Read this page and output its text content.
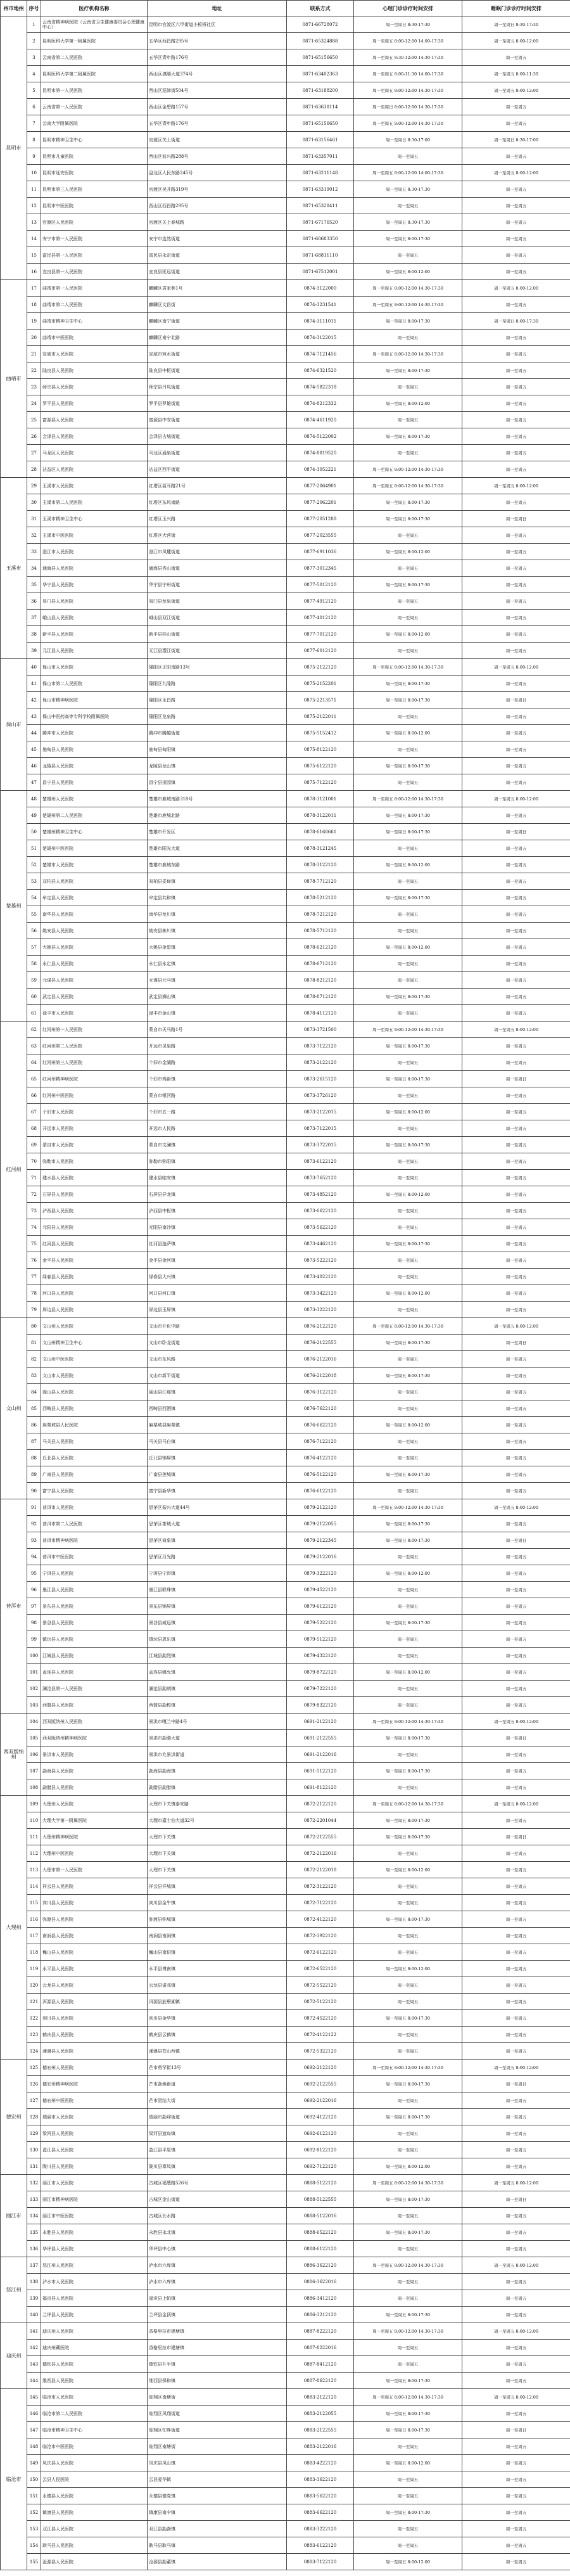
州市地州	序号	医疗机构名称	地址	联系方式	心理门诊诊疗时间安排	睡眠门诊诊疗时间安排
昆明市	1	云南省精神病医院（云南省卫生健康委员会心理健康中心）	昆明市官渡区六甲街道小板桥社区	0871-66728072	周一至周日 8:30-17:30	周一至周日 8:30-17:30
	2	昆明医科大学第一附属医院	五华区西昌路295号	0871-65324888	周一至周五 8:00-12:00 14:00-17:30	周一至周五 8:00-12:00
	3	云南省第二人民医院	五华区青年路176号	0871-65156650	周一至周五 8:30-12:00 14:30-17:30	周一至周五
	4	昆明医科大学第二附属医院	西山区滇缅大道374号	0871-63402363	周一至周五 8:00-11:30 14:00-17:30	周一至周五 8:00-11:30
	5	昆明市第一人民医院	西山区巡津街504号	0871-63188200	周一至周五 8:00-12:00 14:30-17:30	周一至周五 8:00-12:00
	6	云南省第一人民医院	西山区金碧路157号	0871-63638114	周一至周日 8:00-12:00 14:30-17:30	周一至周五
	7	云南大学附属医院	五华区青年路176号	0871-65156650	周一至周五 8:00-12:00 14:30-17:30	周一至周五
	8	昆明市精神卫生中心	官渡区关上街道	0871-63156461	周一至周日 8:30-17:00	周一至周日 8:30-17:00
	9	昆明市儿童医院	西山区前兴路288号	0871-63357011	周一至周五	周一至周五
	10	昆明市延安医院	盘龙区人民东路245号	0871-63211148	周一至周五 8:00-12:00 14:00-17:30	周一至周五 8:00-12:00
	11	昆明市第三人民医院	官渡区吴井路319号	0871-63319012	周一至周五 8:30-17:30	周一至周五
	12	昆明市中医医院	西山区西昌路295号	0871-65328411	周一至周五	周一至周五
	13	官渡区人民医院	官渡区关上春城路	0871-67176520	周一至周五 8:30-17:30	周一至周五
	14	安宁市第一人民医院	安宁市连然街道	0871-68683350	周一至周五 8:00-17:30	周一至周五
	15	富民县第一人民医院	富民县永定街道	0871-68811110	周一至周五	周一至周五
	16	宜良县第一人民医院	宜良县匡远街道	0871-67512001	周一至周五 8:00-12:00	周一至周五
曲靖市	17	曲靖市第一人民医院	麒麟区袁家巷1号	0874-3122000	周一至周五 8:00-12:00 14:30-17:30	周一至周五 8:00-12:00
	18	曲靖市第二人民医院	麒麟区文昌街	0874-3231541	周一至周五 8:00-12:00 14:30-17:30	周一至周五
	19	曲靖市精神卫生中心	麒麟区南宁街道	0874-3111011	周一至周日 8:00-17:30	周一至周日 8:00-17:30
	20	曲靖市中医医院	麒麟区南宁北路	0874-3122015	周一至周五	周一至周五
	21	宣威市人民医院	宣威市宛水街道	0874-7121456	周一至周五 8:00-12:00 14:30-17:30	周一至周五
	22	陆良县人民医院	陆良县中枢街道	0874-6321520	周一至周五 8:00-17:30	周一至周五
	23	师宗县人民医院	师宗县丹凤街道	0874-5822318	周一至周五	周一至周五
	24	罗平县人民医院	罗平县罗雄街道	0874-8212332	周一至周五 8:00-12:00	周一至周五
	25	富源县人民医院	富源县中安街道	0874-4611920	周一至周五	周一至周五
	26	会泽县人民医院	会泽县古城街道	0874-5122002	周一至周五 8:00-17:30	周一至周五
	27	马龙区人民医院	马龙区通泉街道	0874-8819520	周一至周五	周一至周五
	28	沾益区人民医院	沾益区西平街道	0874-3052221	周一至周五 8:00-12:00 14:30-17:30	周一至周五
玉溪市	29	玉溪市人民医院	红塔区聂耳路21号	0877-2064901	周一至周五 8:00-12:00 14:30-17:30	周一至周五 8:00-12:00
	30	玉溪市第二人民医院	红塔区东风南路	0877-2062201	周一至周五 8:00-17:30	周一至周五
	31	玉溪市精神卫生中心	红塔区玉兴路	0877-2051288	周一至周日 8:00-17:30	周一至周日
	32	玉溪市中医医院	红塔区大营街	0877-2023555	周一至周五	周一至周五
	33	澄江市人民医院	澄江市凤麓街道	0877-6911036	周一至周五 8:00-12:00	周一至周五
	34	通海县人民医院	通海县秀山街道	0877-3012345	周一至周五	周一至周五
	35	华宁县人民医院	华宁县宁州街道	0877-5012120	周一至周五 8:00-17:30	周一至周五
	36	易门县人民医院	易门县龙泉街道	0877-4912120	周一至周五	周一至周五
	37	峨山县人民医院	峨山县双江街道	0877-4012120	周一至周五	周一至周五
	38	新平县人民医院	新平县桂山街道	0877-7012120	周一至周五 8:00-12:00	周一至周五
	39	元江县人民医院	元江县澧江街道	0877-6012120	周一至周五	周一至周五
保山市	40	保山市人民医院	隆阳区正阳南路13号	0875-2122120	周一至周五 8:00-12:00 14:30-17:30	周一至周五 8:00-12:00
	41	保山市第二人民医院	隆阳区九隆路	0875-2152201	周一至周五 8:00-17:30	周一至周五
	42	保山市精神病医院	隆阳区永昌路	0875-2213571	周一至周日 8:00-17:30	周一至周日
	43	保山中医药高等专科学校附属医院	隆阳区龙泉路	0875-2122011	周一至周五	周一至周五
	44	腾冲市人民医院	腾冲市腾越街道	0875-5152412	周一至周五 8:00-12:00	周一至周五
	45	施甸县人民医院	施甸县甸阳镇	0875-8122120	周一至周五	周一至周五
	46	龙陵县人民医院	龙陵县龙山镇	0875-6122120	周一至周五 8:00-17:30	周一至周五
	47	昌宁县人民医院	昌宁县田园镇	0875-7122120	周一至周五	周一至周五
楚雄州	48	楚雄州人民医院	楚雄市鹿城南路318号	0878-3121001	周一至周五 8:00-12:00 14:30-17:30	周一至周五 8:00-12:00
	49	楚雄州第二人民医院	楚雄市鹿城北路	0878-3122011	周一至周五 8:00-17:30	周一至周五
	50	楚雄州精神卫生中心	楚雄市开发区	0878-6168661	周一至周日 8:00-17:30	周一至周日
	51	楚雄州中医医院	楚雄市阳光大道	0878-3121245	周一至周五	周一至周五
	52	楚雄市人民医院	楚雄市鹿城东路	0878-3122120	周一至周五 8:00-12:00	周一至周五
	53	双柏县人民医院	双柏县妥甸镇	0878-7712120	周一至周五	周一至周五
	54	牟定县人民医院	牟定县共和镇	0878-5212120	周一至周五 8:00-17:30	周一至周五
	55	南华县人民医院	南华县龙川镇	0878-7212120	周一至周五	周一至周五
	56	姚安县人民医院	姚安县栋川镇	0878-5712120	周一至周五	周一至周五
	57	大姚县人民医院	大姚县金碧镇	0878-6212120	周一至周五 8:00-12:00	周一至周五
	58	永仁县人民医院	永仁县永定镇	0878-6712120	周一至周五	周一至周五
	59	元谋县人民医院	元谋县元马镇	0878-8212120	周一至周五	周一至周五
	60	武定县人民医院	武定县狮山镇	0878-8712120	周一至周五 8:00-17:30	周一至周五
	61	禄丰市人民医院	禄丰市金山镇	0878-4112120	周一至周五	周一至周五
红河州	62	红河州第一人民医院	蒙自市天马路1号	0873-3721500	周一至周五 8:00-12:00 14:30-17:30	周一至周五 8:00-12:00
	63	红河州第二人民医院	开远市灵泉路	0873-7122120	周一至周五 8:00-17:30	周一至周五
	64	红河州第三人民医院	个旧市金湖路	0873-2122120	周一至周五	周一至周五
	65	红河州精神病医院	个旧市鸡街镇	0873-2615120	周一至周日 8:00-17:30	周一至周日
	66	红河州中医医院	蒙自市银河路	0873-3726120	周一至周五	周一至周五
	67	个旧市人民医院	个旧市五一路	0873-2122015	周一至周五 8:00-12:00	周一至周五
	68	开远市人民医院	开远市人民路	0873-7122015	周一至周五	周一至周五
	69	蒙自市人民医院	蒙自市文澜镇	0873-3722015	周一至周五 8:00-17:30	周一至周五
	70	弥勒市人民医院	弥勒市弥阳镇	0873-6122120	周一至周五	周一至周五
	71	建水县人民医院	建水县临安镇	0873-7652120	周一至周五	周一至周五
	72	石屏县人民医院	石屏县异龙镇	0873-4852120	周一至周五 8:00-12:00	周一至周五
	73	泸西县人民医院	泸西县中枢镇	0873-6622120	周一至周五	周一至周五
	74	元阳县人民医院	元阳县南沙镇	0873-5622120	周一至周五	周一至周五
	75	红河县人民医院	红河县迤萨镇	0873-4462120	周一至周五 8:00-17:30	周一至周五
	76	金平县人民医院	金平县金河镇	0873-5222120	周一至周五	周一至周五
	77	绿春县人民医院	绿春县大兴镇	0873-4022120	周一至周五	周一至周五
	78	河口县人民医院	河口县河口镇	0873-3422120	周一至周五 8:00-12:00	周一至周五
	79	屏边县人民医院	屏边县玉屏镇	0873-3222120	周一至周五	周一至周五
文山州	80	文山州人民医院	文山市开化中路	0876-2122120	周一至周五 8:00-12:00 14:30-17:30	周一至周五 8:00-12:00
	81	文山州精神卫生中心	文山市卧龙街道	0876-2122555	周一至周日 8:00-17:30	周一至周日
	82	文山州中医医院	文山市东风路	0876-2122016	周一至周五	周一至周五
	83	文山市人民医院	文山市新平街道	0876-2122018	周一至周五 8:00-17:30	周一至周五
	84	砚山县人民医院	砚山县江那镇	0876-3122120	周一至周五	周一至周五
	85	西畴县人民医院	西畴县西洒镇	0876-7622120	周一至周五	周一至周五
	86	麻栗坡县人民医院	麻栗坡县麻栗镇	0876-6622120	周一至周五 8:00-12:00	周一至周五
	87	马关县人民医院	马关县马白镇	0876-7122120	周一至周五	周一至周五
	88	丘北县人民医院	丘北县锦屏镇	0876-4122120	周一至周五	周一至周五
	89	广南县人民医院	广南县莲城镇	0876-5122120	周一至周五 8:00-17:30	周一至周五
	90	富宁县人民医院	富宁县新华镇	0876-6122120	周一至周五	周一至周五
普洱市	91	普洱市人民医院	思茅区振兴大道44号	0879-2122120	周一至周五 8:00-12:00 14:30-17:30	周一至周五 8:00-12:00
	92	普洱市第二人民医院	思茅区茶城大道	0879-2122055	周一至周五 8:00-17:30	周一至周五
	93	普洱市精神病医院	思茅区倚象镇	0879-2122345	周一至周日 8:00-17:30	周一至周日
	94	普洱市中医医院	思茅区月光路	0879-2122016	周一至周五	周一至周五
	95	宁洱县人民医院	宁洱县宁洱镇	0879-3222120	周一至周五 8:00-12:00	周一至周五
	96	墨江县人民医院	墨江县联珠镇	0879-4522120	周一至周五	周一至周五
	97	景东县人民医院	景东县锦屏镇	0879-6122120	周一至周五	周一至周五
	98	景谷县人民医院	景谷县威远镇	0879-5222120	周一至周五 8:00-17:30	周一至周五
	99	镇沅县人民医院	镇沅县恩乐镇	0879-5122120	周一至周五	周一至周五
	100	江城县人民医院	江城县勐烈镇	0879-4322120	周一至周五	周一至周五
	101	孟连县人民医院	孟连县娜允镇	0879-8722120	周一至周五 8:00-12:00	周一至周五
	102	澜沧县第一人民医院	澜沧县勐朗镇	0879-7222120	周一至周五	周一至周五
	103	西盟县人民医院	西盟县勐梭镇	0879-8322120	周一至周五	周一至周五
西双版纳州	104	西双版纳州人民医院	景洪市嘎兰中路4号	0691-2122120	周一至周五 8:00-12:00 14:30-17:30	周一至周五 8:00-12:00
	105	西双版纳州精神病医院	景洪市勐泐大道	0691-2122555	周一至周日 8:00-17:30	周一至周日
	106	景洪市人民医院	景洪市允景洪街道	0691-2122016	周一至周五	周一至周五
	107	勐海县人民医院	勐海县勐海镇	0691-5122120	周一至周五 8:00-17:30	周一至周五
	108	勐腊县人民医院	勐腊县勐腊镇	0691-8122120	周一至周五	周一至周五
大理州	109	大理州人民医院	大理市下关镇泰安路	0872-2122120	周一至周五 8:00-12:00 14:30-17:30	周一至周五 8:00-12:00
	110	大理大学第一附属医院	大理市嘉士伯大道32号	0872-2201044	周一至周五 8:00-17:30	周一至周五
	111	大理州精神病医院	大理市下关镇	0872-2122555	周一至周日 8:00-17:30	周一至周日
	112	大理州中医医院	大理市下关镇	0872-2122016	周一至周五	周一至周五
	113	大理市第一人民医院	大理市下关镇	0872-2122018	周一至周五 8:00-12:00	周一至周五
	114	祥云县人民医院	祥云县祥城镇	0872-3122120	周一至周五	周一至周五
	115	宾川县人民医院	宾川县金牛镇	0872-7122120	周一至周五	周一至周五
	116	弥渡县人民医院	弥渡县弥城镇	0872-4122120	周一至周五 8:00-17:30	周一至周五
	117	南涧县人民医院	南涧县南涧镇	0872-3922120	周一至周五	周一至周五
	118	巍山县人民医院	巍山县南诏镇	0872-6122120	周一至周五	周一至周五
	119	永平县人民医院	永平县博南镇	0872-6522120	周一至周五 8:00-12:00	周一至周五
	120	云龙县人民医院	云龙县诺邓镇	0872-5522120	周一至周五	周一至周五
	121	洱源县人民医院	洱源县茈碧湖镇	0872-5122120	周一至周五	周一至周五
	122	剑川县人民医院	剑川县金华镇	0872-4522120	周一至周五 8:00-17:30	周一至周五
	123	鹤庆县人民医院	鹤庆县云鹤镇	0872-4122122	周一至周五	周一至周五
	124	漾濞县人民医院	漾濞县苍山西镇	0872-5322120	周一至周五	周一至周五
德宏州	125	德宏州人民医院	芒市勇罕街13号	0692-2122120	周一至周五 8:00-12:00 14:30-17:30	周一至周五 8:00-12:00
	126	德宏州精神病医院	芒市勐焕街道	0692-2122555	周一至周日 8:00-17:30	周一至周日
	127	德宏州中医医院	芒市团结大街	0692-2122016	周一至周五	周一至周五
	128	瑞丽市人民医院	瑞丽市勐卯街道	0692-4122120	周一至周五 8:00-17:30	周一至周五
	129	梁河县人民医院	梁河县遮岛镇	0692-6122120	周一至周五	周一至周五
	130	盈江县人民医院	盈江县平原镇	0692-8122120	周一至周五	周一至周五
	131	陇川县人民医院	陇川县章凤镇	0692-7122120	周一至周五 8:00-12:00	周一至周五
丽江市	132	丽江市人民医院	古城区福慧路526号	0888-5122120	周一至周五 8:00-12:00 14:30-17:30	周一至周五 8:00-12:00
	133	丽江市精神病医院	古城区金山街道	0888-5122555	周一至周日 8:00-17:30	周一至周日
	134	丽江市中医医院	古城区长水路	0888-5122016	周一至周五	周一至周五
	135	永胜县人民医院	永胜县永北镇	0888-6522120	周一至周五 8:00-17:30	周一至周五
	136	华坪县人民医院	华坪县中心镇	0888-6122120	周一至周五	周一至周五
怒江州	137	怒江州人民医院	泸水市六库镇	0886-3622120	周一至周五 8:00-12:00 14:30-17:30	周一至周五 8:00-12:00
	138	泸水市人民医院	泸水市六库镇	0886-3622016	周一至周五	周一至周五
	139	福贡县人民医院	福贡县上帕镇	0886-3412120	周一至周五	周一至周五
	140	兰坪县人民医院	兰坪县金顶镇	0886-3212120	周一至周五 8:00-17:30	周一至周五
迪庆州	141	迪庆州人民医院	香格里拉市建塘镇	0887-8222120	周一至周五 8:00-12:00 14:30-17:30	周一至周五 8:00-12:00
	142	迪庆州藏医院	香格里拉市建塘镇	0887-8222016	周一至周五	周一至周五
	143	德钦县人民医院	德钦县升平镇	0887-8412120	周一至周五	周一至周五
	144	维西县人民医院	维西县保和镇	0887-8622120	周一至周五 8:00-17:30	周一至周五
临沧市	145	临沧市人民医院	临翔区南塘街	0883-2122120	周一至周五 8:00-12:00 14:30-17:30	周一至周五 8:00-12:00
	146	临沧市第二人民医院	临翔区凤翔街道	0883-2122055	周一至周五 8:00-17:30	周一至周五
	147	临沧市精神卫生中心	临翔区忙畔街道	0883-2122555	周一至周日 8:00-17:30	周一至周日
	148	临沧市中医医院	临翔区南塘街	0883-2122016	周一至周五	周一至周五
	149	凤庆县人民医院	凤庆县凤山镇	0883-4222120	周一至周五 8:00-12:00	周一至周五
	150	云县人民医院	云县爱华镇	0883-3622120	周一至周五	周一至周五
	151	永德县人民医院	永德县德党镇	0883-5622120	周一至周五	周一至周五
	152	镇康县人民医院	镇康县南伞镇	0883-6622120	周一至周五 8:00-17:30	周一至周五
	153	双江县人民医院	双江县勐勐镇	0883-3222120	周一至周五	周一至周五
	154	耿马县人民医院	耿马县耿马镇	0883-6122120	周一至周五	周一至周五
	155	沧源县人民医院	沧源县勐董镇	0883-7122120	周一至周五 8:00-12:00	周一至周五
